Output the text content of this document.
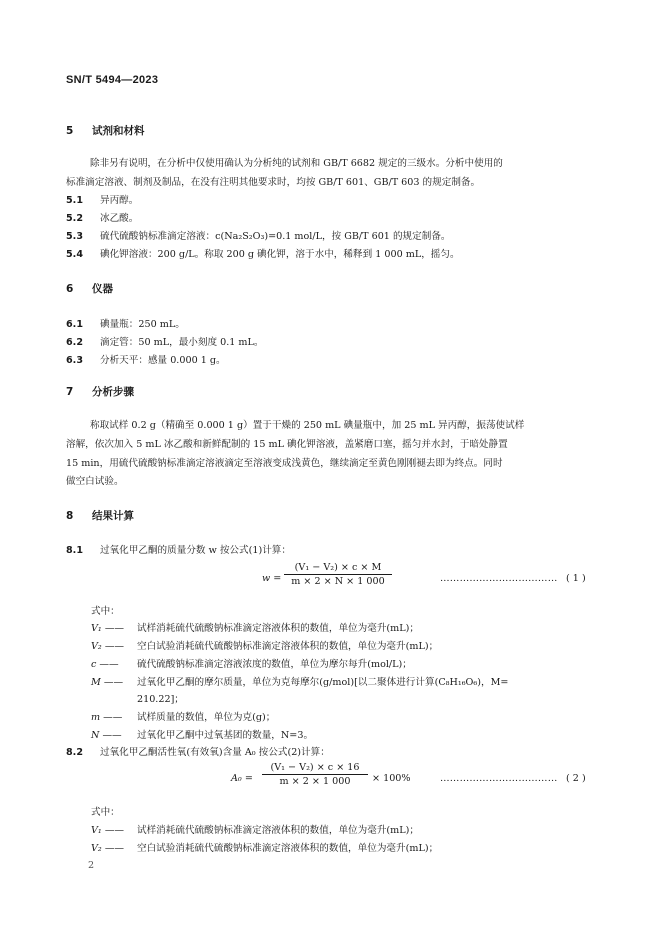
SN/T 5494—2023
5 试剂和材料
除非另有说明，在分析中仅使用确认为分析纯的试剂和 GB/T 6682 规定的三级水。分析中使用的
标准滴定溶液、制剂及制品，在没有注明其他要求时，均按 GB/T 601、GB/T 603 的规定制备。
5.1 异丙醇。
5.2 冰乙酸。
5.3 硫代硫酸钠标准滴定溶液：c(Na₂S₂O₃)=0.1 mol/L，按 GB/T 601 的规定制备。
5.4 碘化钾溶液：200 g/L。称取 200 g 碘化钾，溶于水中，稀释到 1 000 mL，摇匀。
6 仪器
6.1 碘量瓶：250 mL。
6.2 滴定管：50 mL，最小刻度 0.1 mL。
6.3 分析天平：感量 0.000 1 g。
7 分析步骤
称取试样 0.2 g（精确至 0.000 1 g）置于干燥的 250 mL 碘量瓶中，加 25 mL 异丙醇，振荡使试样
溶解，依次加入 5 mL 冰乙酸和新鲜配制的 15 mL 碘化钾溶液，盖紧磨口塞，摇匀并水封，于暗处静置
15 min，用硫代硫酸钠标准滴定溶液滴定至溶液变成浅黄色，继续滴定至黄色刚刚褪去即为终点。同时
做空白试验。
8 结果计算
8.1 过氧化甲乙酮的质量分数 w 按公式(1)计算：
$w = \frac{\text{(V₁ − V₂) × c × M}}{m \times 2 \times N \times 1 000}$	……………………………… ( 1 )
式中：
V₁ —— 试样消耗硫代硫酸钠标准滴定溶液体积的数值，单位为毫升(mL)；
V₂ —— 空白试验消耗硫代硫酸钠标准滴定溶液体积的数值，单位为毫升(mL)；
c —— 硫代硫酸钠标准滴定溶液浓度的数值，单位为摩尔每升(mol/L)；
M —— 过氧化甲乙酮的摩尔质量，单位为克每摩尔(g/mol)[以二聚体进行计算(C₈H₁₆O₆)，M=
210.22]；
m —— 试样质量的数值，单位为克(g)；
N —— 过氧化甲乙酮中过氧基团的数量，N=3。
8.2 过氧化甲乙酮活性氧(有效氧)含量 A₀ 按公式(2)计算：
$A_0 = \frac{\text{(V₁ − V₂) × c × 16}}{m \times 2 \times 1 000} \times 100\%$	……………………………… ( 2 )
式中：
V₁ —— 试样消耗硫代硫酸钠标准滴定溶液体积的数值，单位为毫升(mL)；
V₂ —— 空白试验消耗硫代硫酸钠标准滴定溶液体积的数值，单位为毫升(mL)；
2
